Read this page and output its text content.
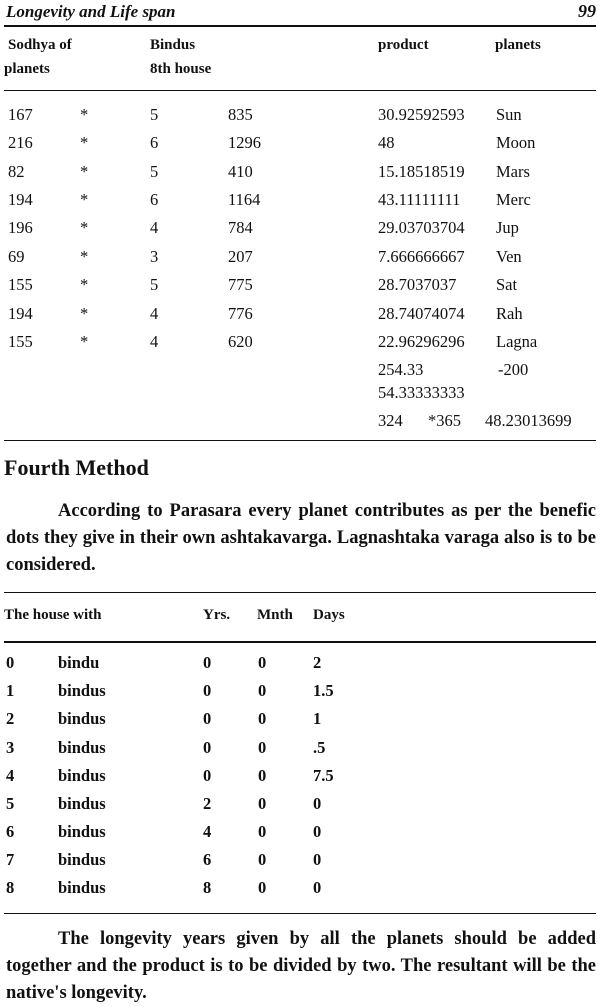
Longevity and Life span	99
Sodhya of
planets
Bindus
8th house
product	planets
167	*	5	835	30.92592593 Sun
216	*	6	1296	48	Moon
82	*	5	410	15.18518519 Mars
194	*	6	1164	43.11111111 Merc
196	*	4	784	29.03703704 Jup
69	*	3	207	7.666666667 Ven
155	*	5	775	28.7037037 Sat
194	*	4	776	28.74074074 Rah
155	*	4	620	22.96296296 Lagna
254.33	-200
54.33333333
324 *365 48.23013699
Fourth Method

According to Parasara every planet contributes as per the benefic dots they give in their own ashtakavarga. Lagnashtaka varaga also is to be considered.

The house with	Yrs. Mnth Days
0	bindu	0	0	2
1	bindus	0	0	1.5
2	bindus	0	0	1
3	bindus	0	0	.5
4	bindus	0	0	7.5
5	bindus	2	0	0
6	bindus	4	0	0
7	bindus	6	0	0
8	bindus	8	0	0

The longevity years given by all the planets should be added together and the product is to be divided by two. The resultant will be the native's longevity.
